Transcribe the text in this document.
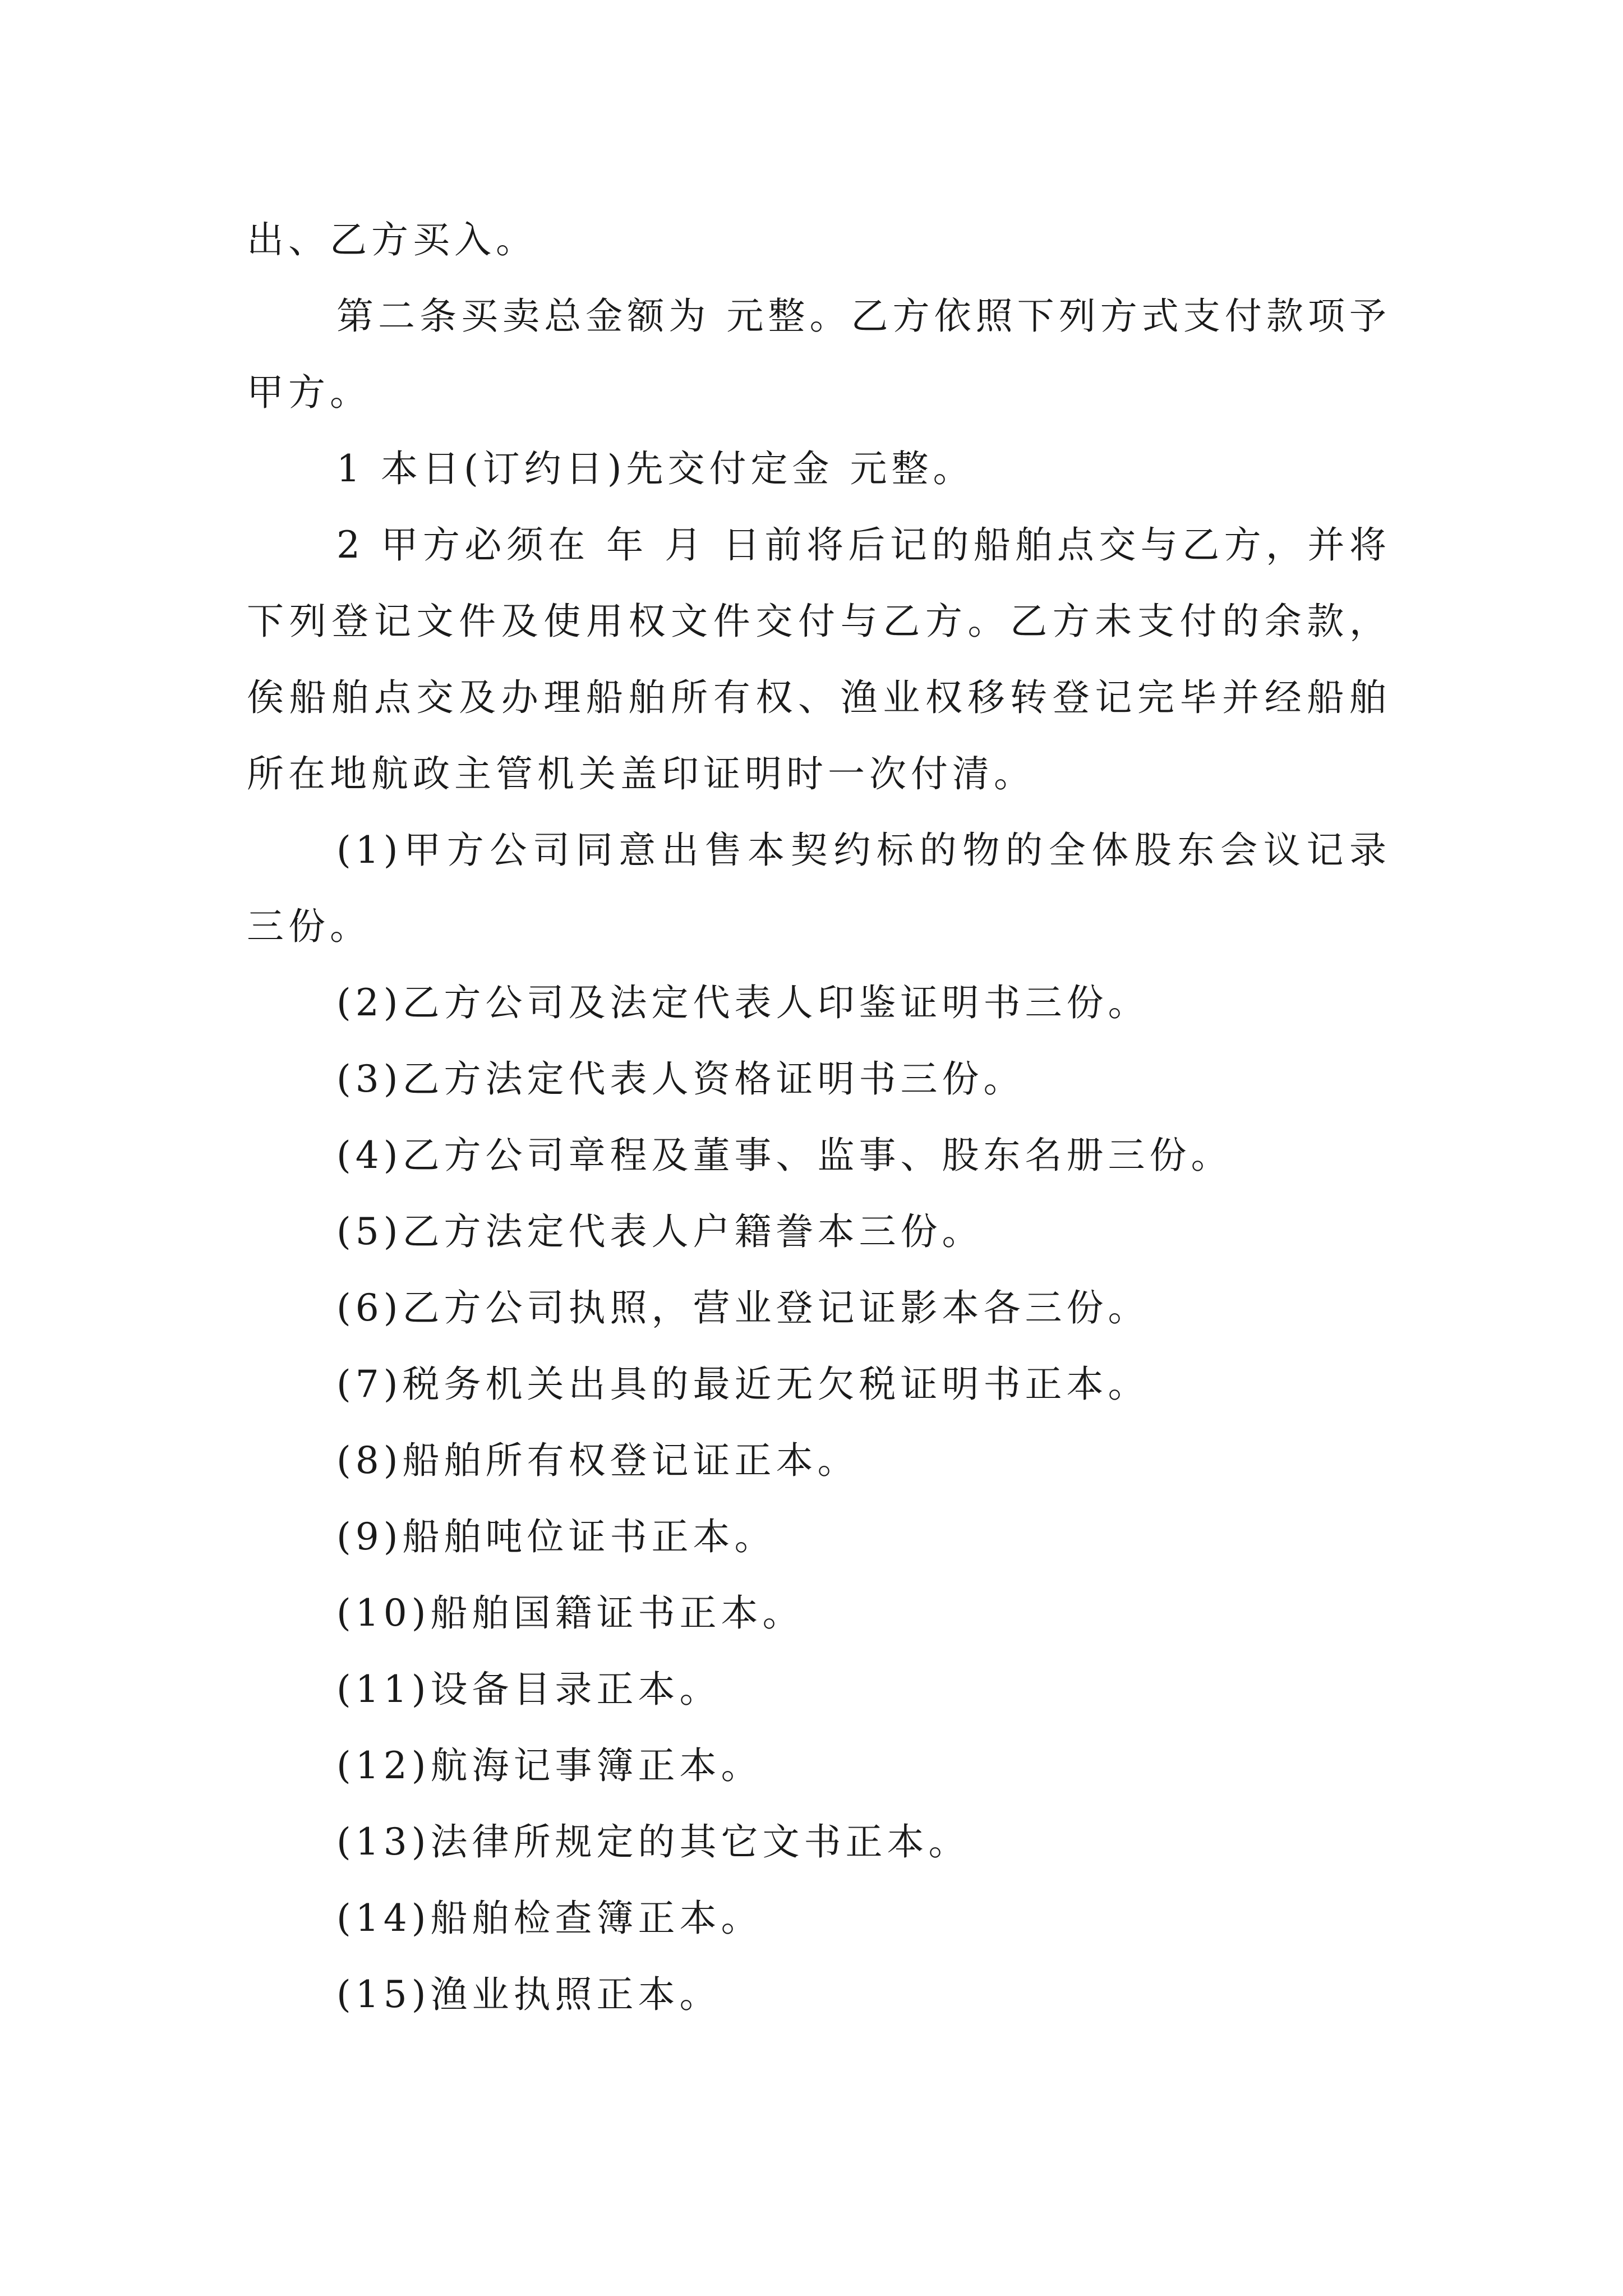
出、乙方买入。

第二条买卖总金额为 元整。乙方依照下列方式支付款项予甲方。

1 本日(订约日)先交付定金 元整。

2 甲方必须在 年 月 日前将后记的船舶点交与乙方，并将下列登记文件及使用权文件交付与乙方。乙方未支付的余款，俟船舶点交及办理船舶所有权、渔业权移转登记完毕并经船舶所在地航政主管机关盖印证明时一次付清。

(1)甲方公司同意出售本契约标的物的全体股东会议记录三份。

(2)乙方公司及法定代表人印鉴证明书三份。

(3)乙方法定代表人资格证明书三份。

(4)乙方公司章程及董事、监事、股东名册三份。

(5)乙方法定代表人户籍誊本三份。

(6)乙方公司执照，营业登记证影本各三份。

(7)税务机关出具的最近无欠税证明书正本。

(8)船舶所有权登记证正本。

(9)船舶吨位证书正本。

(10)船舶国籍证书正本。

(11)设备目录正本。

(12)航海记事簿正本。

(13)法律所规定的其它文书正本。

(14)船舶检查簿正本。

(15)渔业执照正本。
